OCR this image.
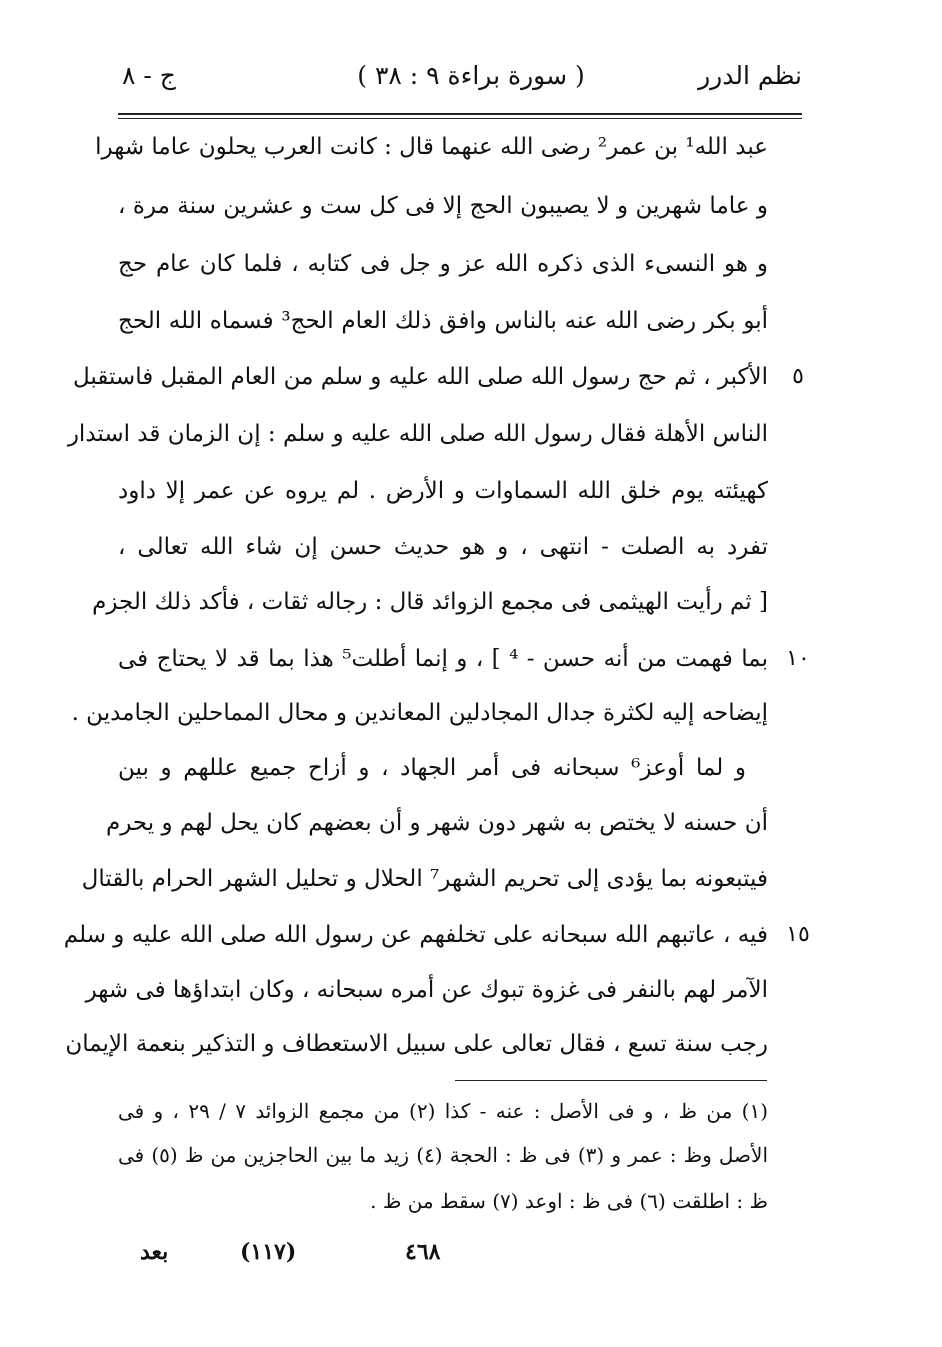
نظم الدرر
( سورة براءة ٩ : ٣٨ )
ج - ٨
عبد الله¹ بن عمر² رضى الله عنهما قال : كانت العرب يحلون عاما شهرا
و عاما شهرين و لا يصيبون الحج إلا فى كل ست و عشرين سنة مرة ،
و هو النسىء الذى ذكره الله عز و جل فى كتابه ، فلما كان عام حج
أبو بكر رضى الله عنه بالناس وافق ذلك العام الحج³ فسماه الله الحج
الأكبر ، ثم حج رسول الله صلى الله عليه و سلم من العام المقبل فاستقبل	٥
الناس الأهلة فقال رسول الله صلى الله عليه و سلم : إن الزمان قد استدار
كهيئته يوم خلق الله السماوات و الأرض . لم يروه عن عمر إلا داود
تفرد به الصلت - انتهى ، و هو حديث حسن إن شاء الله تعالى ،
[ ثم رأيت الهيثمى فى مجمع الزوائد قال : رجاله ثقات ، فأكد ذلك الجزم
بما فهمت من أنه حسن - ⁴ ] ، و إنما أطلت⁵ هذا بما قد لا يحتاج فى ١٠
إيضاحه إليه لكثرة جدال المجادلين المعاندين و محال المماحلين الجامدين .
و لما أوعز⁶ سبحانه فى أمر الجهاد ، و أزاح جميع عللهم و بين
أن حسنه لا يختص به شهر دون شهر و أن بعضهم كان يحل لهم و يحرم
فيتبعونه بما يؤدى إلى تحريم الشهر⁷ الحلال و تحليل الشهر الحرام بالقتال
فيه ، عاتبهم الله سبحانه على تخلفهم عن رسول الله صلى الله عليه و سلم ١٥
الآمر لهم بالنفر فى غزوة تبوك عن أمره سبحانه ، وكان ابتداؤها فى شهر
رجب سنة تسع ، فقال تعالى على سبيل الاستعطاف و التذكير بنعمة الإيمان
(١) من ظ ، و فى الأصل : عنه - كذا (٢) من مجمع الزوائد ٧ / ٢٩ ، و فى
الأصل وظ : عمر و (٣) فى ظ : الحجة (٤) زيد ما بين الحاجزين من ظ (٥) فى
ظ : اطلقت (٦) فى ظ : اوعد (٧) سقط من ظ .
بعد	(١١٧)	٤٦٨
